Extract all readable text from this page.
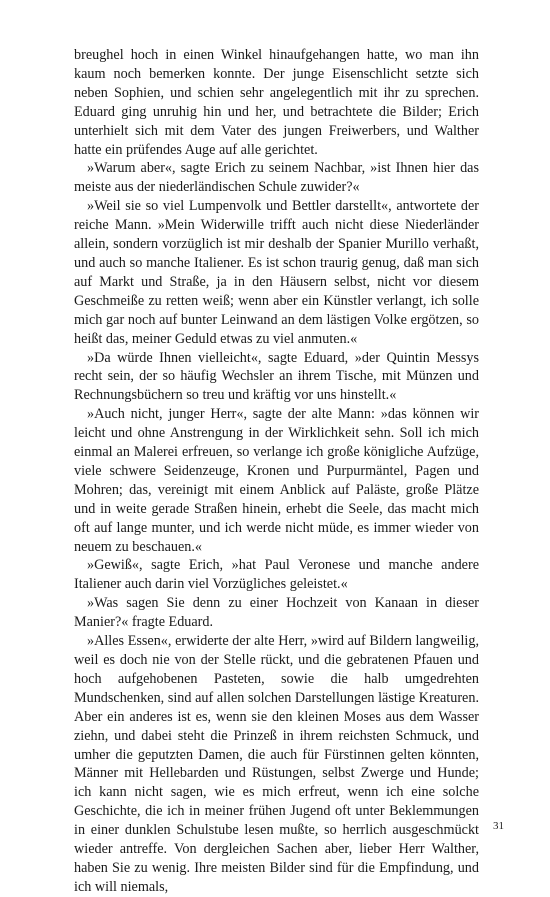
breughel hoch in einen Winkel hinaufgehangen hatte, wo man ihn kaum noch bemerken konnte. Der junge Eisenschlicht setzte sich neben Sophien, und schien sehr angelegentlich mit ihr zu sprechen. Eduard ging unruhig hin und her, und betrachtete die Bilder; Erich unterhielt sich mit dem Vater des jungen Freiwerbers, und Walther hatte ein prüfendes Auge auf alle gerichtet.

»Warum aber«, sagte Erich zu seinem Nachbar, »ist Ihnen hier das meiste aus der niederländischen Schule zuwider?«

»Weil sie so viel Lumpenvolk und Bettler darstellt«, antwortete der reiche Mann. »Mein Widerwille trifft auch nicht diese Niederländer allein, sondern vorzüglich ist mir deshalb der Spanier Murillo verhaßt, und auch so manche Italiener. Es ist schon traurig genug, daß man sich auf Markt und Straße, ja in den Häusern selbst, nicht vor diesem Geschmeiße zu retten weiß; wenn aber ein Künstler verlangt, ich solle mich gar noch auf bunter Leinwand an dem lästigen Volke ergötzen, so heißt das, meiner Geduld etwas zu viel anmuten.«

»Da würde Ihnen vielleicht«, sagte Eduard, »der Quintin Messys recht sein, der so häufig Wechsler an ihrem Tische, mit Münzen und Rechnungsbüchern so treu und kräftig vor uns hinstellt.«

»Auch nicht, junger Herr«, sagte der alte Mann: »das können wir leicht und ohne Anstrengung in der Wirklichkeit sehn. Soll ich mich einmal an Malerei erfreuen, so verlange ich große königliche Aufzüge, viele schwere Seidenzeuge, Kronen und Purpurmäntel, Pagen und Mohren; das, vereinigt mit einem Anblick auf Paläste, große Plätze und in weite gerade Straßen hinein, erhebt die Seele, das macht mich oft auf lange munter, und ich werde nicht müde, es immer wieder von neuem zu beschauen.«

»Gewiß«, sagte Erich, »hat Paul Veronese und manche andere Italiener auch darin viel Vorzügliches geleistet.«

»Was sagen Sie denn zu einer Hochzeit von Kanaan in dieser Manier?« fragte Eduard.

»Alles Essen«, erwiderte der alte Herr, »wird auf Bildern langweilig, weil es doch nie von der Stelle rückt, und die gebratenen Pfauen und hoch aufgehobenen Pasteten, sowie die halb umgedrehten Mundschenken, sind auf allen solchen Darstellungen lästige Kreaturen. Aber ein anderes ist es, wenn sie den kleinen Moses aus dem Wasser ziehn, und dabei steht die Prinzeß in ihrem reichsten Schmuck, und umher die geputzten Damen, die auch für Fürstinnen gelten könnten, Männer mit Hellebarden und Rüstungen, selbst Zwerge und Hunde; ich kann nicht sagen, wie es mich erfreut, wenn ich eine solche Geschichte, die ich in meiner frühen Jugend oft unter Beklemmungen in einer dunklen Schulstube lesen mußte, so herrlich ausgeschmückt wieder antreffe. Von dergleichen Sachen aber, lieber Herr Walther, haben Sie zu wenig. Ihre meisten Bilder sind für die Empfindung, und ich will niemals,

31
